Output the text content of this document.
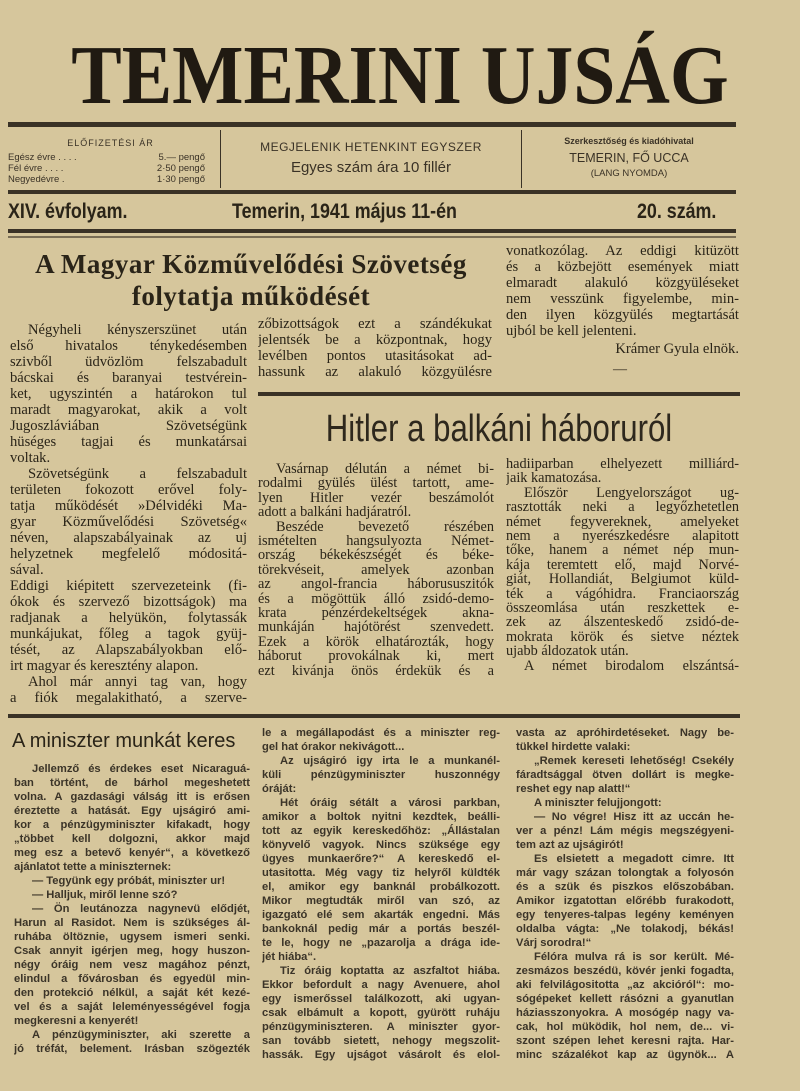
TEMERINI UJSÁG
ELŐFIZETÉSI ÁR
Egész évre . . . .	5.— pengő
Fél évre . . . .	2·50 pengő
Negyedévre .	1·30 pengő
MEGJELENIK HETENKINT EGYSZER
Egyes szám ára 10 fillér
Szerkesztőség és kiadóhivatal
TEMERIN, FŐ UCCA
(LANG NYOMDA)
XIV. évfolyam.	Temerin, 1941 május 11-én	20. szám.
A Magyar Közművelődési Szövetség
folytatja működését
Négyheli kényszerszünet után
első hivatalos ténykedésemben
szivből üdvözlöm felszabadult
bácskai és baranyai testvérein-
ket, ugyszintén a határokon tul
maradt magyarokat, akik a volt
Jugoszláviában Szövetségünk
hüséges tagjai és munkatársai
voltak.
Szövetségünk a felszabadult
területen fokozott erővel foly-
tatja működését »Délvidéki Ma-
gyar Közművelődési Szövetség«
néven, alapszabályainak az uj
helyzetnek megfelelő módositá-
sával.
Eddigi kiépitett szervezeteink (fi-
ókok és szervező bizottságok) ma
radjanak a helyükön, folytassák
munkájukat, főleg a tagok gyüj-
tését, az Alapszabályokban elő-
irt magyar és keresztény alapon.
Ahol már annyi tag van, hogy
a fiók megalakitható, a szerve-
zőbizottságok ezt a szándékukat
jelentsék be a központnak, hogy
levélben pontos utasitásokat ad-
hassunk az alakuló közgyülésre
vonatkozólag. Az eddigi kitüzött
és a közbejött események miatt
elmaradt alakuló közgyüléseket
nem vesszünk figyelembe, min-
den ilyen közgyülés megtartását
ujból be kell jelenteni.
Krámer Gyula elnök.
—
Hitler a balkáni háboruról
Vasárnap délután a német bi-
rodalmi gyülés ülést tartott, ame-
lyen Hitler vezér beszámolót
adott a balkáni hadjáratról.
Beszéde bevezető részében
ismételten hangsulyozta Német-
ország békekészségét és béke-
törekvéseit, amelyek azonban
az angol-francia háborususzitók
és a mögöttük álló zsidó-demo-
krata pénzérdekeltségek akna-
munkáján hajótörést szenvedett.
Ezek a körök elhatározták, hogy
háborut provokálnak ki, mert
ezt kivánja önös érdekük és a
hadiiparban elhelyezett milliárd-
jaik kamatozása.
Először Lengyelországot ug-
rasztották neki a legyőzhetetlen
német fegyvereknek, amelyeket
nem a nyerészkedésre alapitott
tőke, hanem a német nép mun-
kája teremtett elő, majd Norvé-
giát, Hollandiát, Belgiumot küld-
ték a vágóhidra. Franciaország
összeomlása után reszkettek e-
zek az álszenteskedő zsidó-de-
mokrata körök és sietve néztek
ujabb áldozatok után.
A német birodalom elszántsá-
A miniszter munkát keres
Jellemző és érdekes eset Nicaraguá-
ban történt, de bárhol megeshetett
volna. A gazdasági válság itt is erősen
éreztette a hatását. Egy ujságiró ami-
kor a pénzügyminiszter kifakadt, hogy
„többet kell dolgozni, akkor majd
meg esz a betevő kenyér“, a következő
ajánlatot tette a miniszternek:
— Tegyünk egy próbát, miniszter ur!
— Halljuk, miről lenne szó?
— Ön leutánozza nagynevü elődjét,
Harun al Rasidot. Nem is szükséges ál-
ruhába öltöznie, ugysem ismeri senki.
Csak annyit igérjen meg, hogy huszon-
négy óráig nem vesz magához pénzt,
elindul a fővárosban és egyedül min-
den protekció nélkül, a saját két kezé-
vel és a saját leleményességével fogja
megkeresni a kenyerét!
A pénzügyminiszter, aki szerette a
jó tréfát, belement. Irásban szögezték
le a megállapodást és a miniszter reg-
gel hat órakor nekivágott...
Az ujságiró igy irta le a munkanél-
küli pénzügyminiszter huszonnégy
óráját:
Hét óráig sétált a városi parkban,
amikor a boltok nyitni kezdtek, beálli-
tott az egyik kereskedőhöz: „Állástalan
könyvelő vagyok. Nincs szüksége egy
ügyes munkaerőre?“ A kereskedő el-
utasitotta. Még vagy tiz helyről küldték
el, amikor egy banknál probálkozott.
Mikor megtudták miről van szó, az
igazgató elé sem akarták engedni. Más
bankoknál pedig már a portás beszél-
te le, hogy ne „pazarolja a drága ide-
jét hiába“.
Tiz óráig koptatta az aszfaltot hiába.
Ekkor befordult a nagy Avenuere, ahol
egy ismerőssel találkozott, aki ugyan-
csak elbámult a kopott, gyürött ruháju
pénzügyminiszteren. A miniszter gyor-
san tovább sietett, nehogy megszolit-
hassák. Egy ujságot vásárolt és elol-
vasta az apróhirdetéseket. Nagy be-
tükkel hirdette valaki:
„Remek kereseti lehetőség! Csekély
fáradtsággal ötven dollárt is megke-
reshet egy nap alatt!“
A miniszter felujjongott:
— No végre! Hisz itt az uccán he-
ver a pénz! Lám mégis megszégyeni-
tem azt az ujságirót!
Es elsietett a megadott cimre. Itt
már vagy százan tolongtak a folyosón
és a szük és piszkos előszobában.
Amikor izgatottan előrébb furakodott,
egy tenyeres-talpas legény keményen
oldalba vágta: „Ne tolakodj, békás!
Várj sorodra!“
Félóra mulva rá is sor került. Mé-
zesmázos beszédü, kövér jenki fogadta,
aki felvilágositotta „az akcióról“: mo-
sógépeket kellett rásózni a gyanutlan
háziasszonyokra. A mosógép nagy va-
cak, hol müködik, hol nem, de... vi-
szont szépen lehet keresni rajta. Har-
minc százalékot kap az ügynök... A
